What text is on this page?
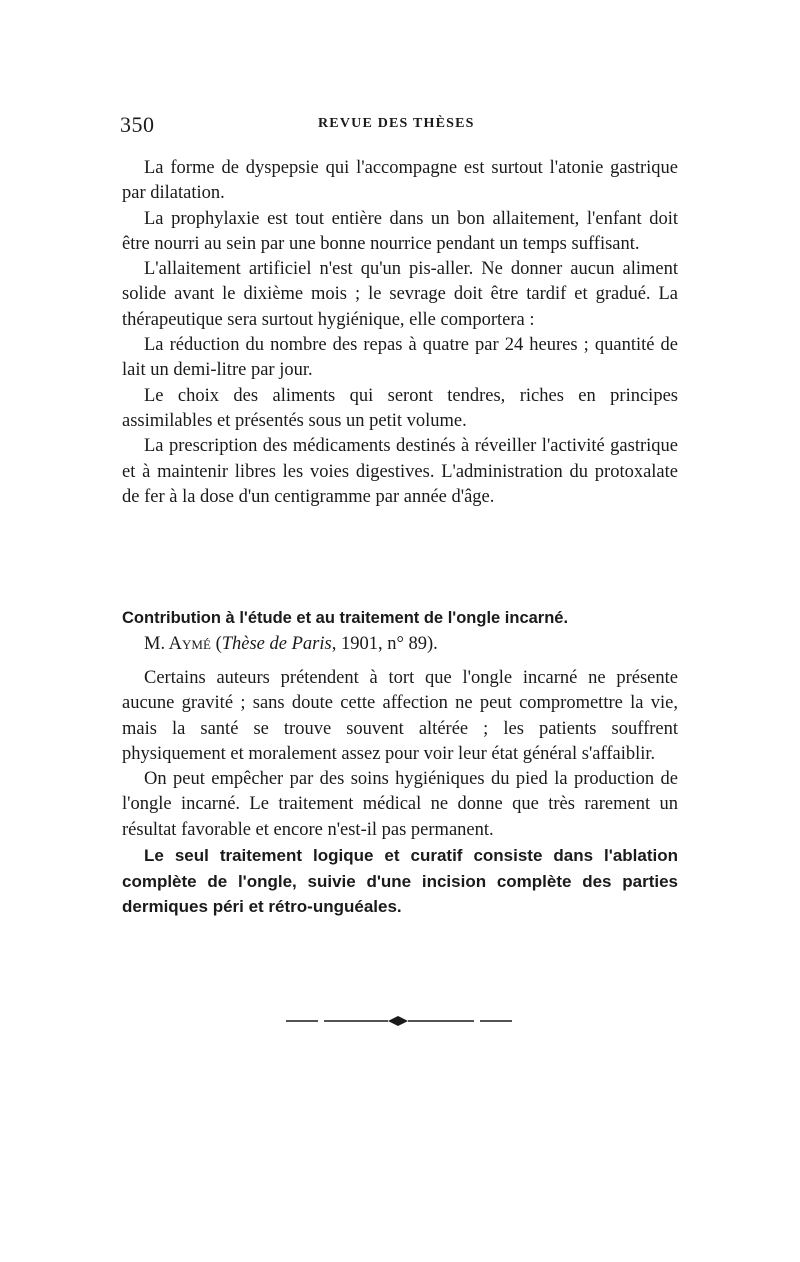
350	REVUE DES THÈSES

La forme de dyspepsie qui l'accompagne est surtout l'atonie gastrique par dilatation.

La prophylaxie est tout entière dans un bon allaitement, l'enfant doit être nourri au sein par une bonne nourrice pendant un temps suffisant.

L'allaitement artificiel n'est qu'un pis-aller. Ne donner aucun aliment solide avant le dixième mois ; le sevrage doit être tardif et gradué. La thérapeutique sera surtout hygiénique, elle comportera :

La réduction du nombre des repas à quatre par 24 heures ; quantité de lait un demi-litre par jour.

Le choix des aliments qui seront tendres, riches en principes assimilables et présentés sous un petit volume.

La prescription des médicaments destinés à réveiller l'activité gastrique et à maintenir libres les voies digestives. L'administration du protoxalate de fer à la dose d'un centigramme par année d'âge.

Contribution à l'étude et au traitement de l'ongle incarné.
M. Aymé (Thèse de Paris, 1901, n° 89).

Certains auteurs prétendent à tort que l'ongle incarné ne présente aucune gravité ; sans doute cette affection ne peut compromettre la vie, mais la santé se trouve souvent altérée ; les patients souffrent physiquement et moralement assez pour voir leur état général s'affaiblir.

On peut empêcher par des soins hygiéniques du pied la production de l'ongle incarné. Le traitement médical ne donne que très rarement un résultat favorable et encore n'est-il pas permanent.

Le seul traitement logique et curatif consiste dans l'ablation complète de l'ongle, suivie d'une incision complète des parties dermiques péri et rétro-unguéales.
